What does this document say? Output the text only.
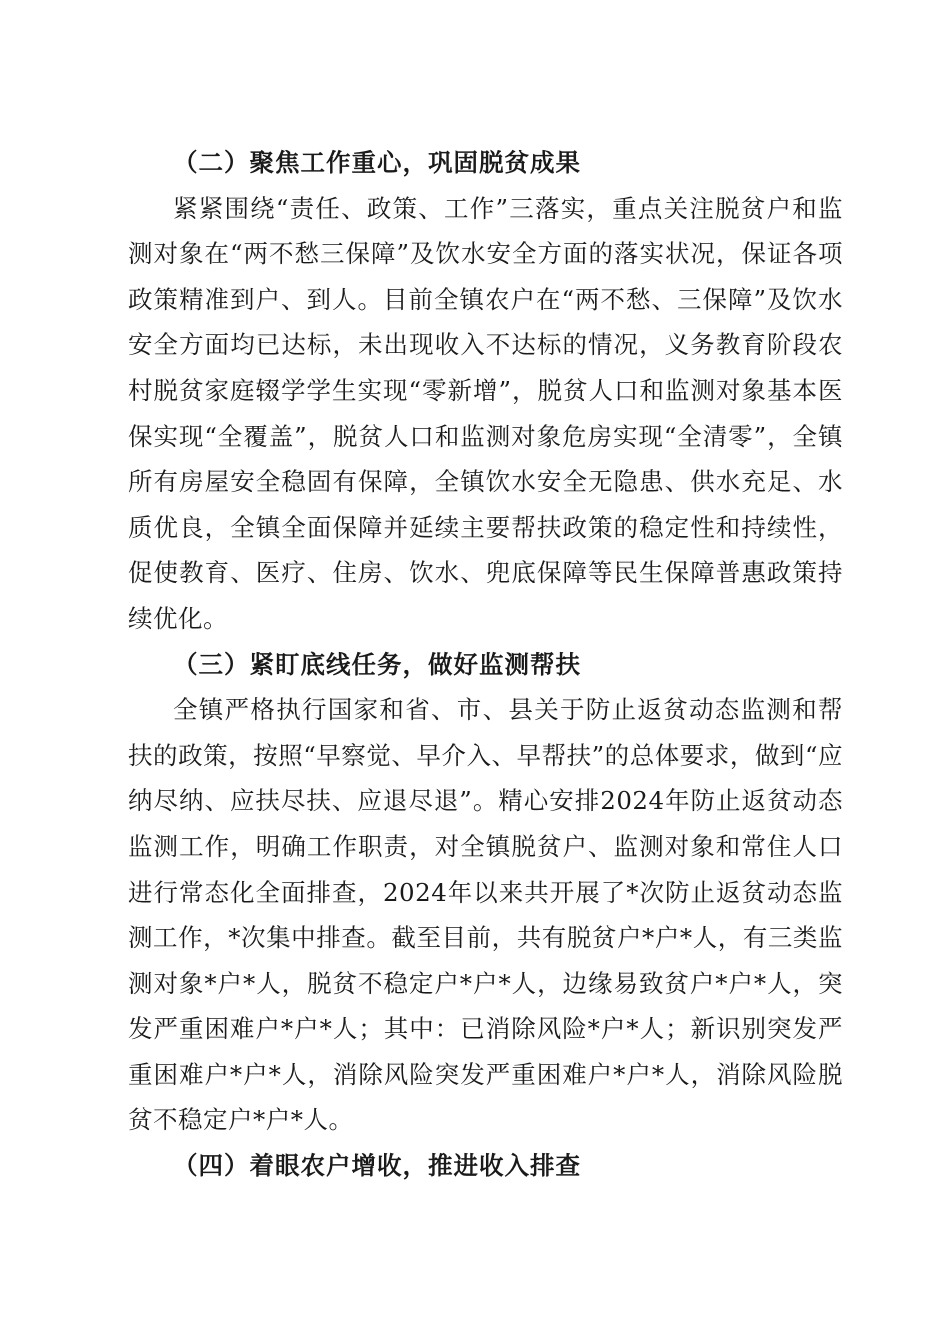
（二）聚焦工作重心，巩固脱贫成果

紧紧围绕“责任、政策、工作”三落实，重点关注脱贫户和监测对象在“两不愁三保障”及饮水安全方面的落实状况，保证各项政策精准到户、到人。目前全镇农户在“两不愁、三保障”及饮水安全方面均已达标，未出现收入不达标的情况，义务教育阶段农村脱贫家庭辍学学生实现“零新增”，脱贫人口和监测对象基本医保实现“全覆盖”，脱贫人口和监测对象危房实现“全清零”，全镇所有房屋安全稳固有保障，全镇饮水安全无隐患、供水充足、水质优良，全镇全面保障并延续主要帮扶政策的稳定性和持续性，促使教育、医疗、住房、饮水、兜底保障等民生保障普惠政策持续优化。

（三）紧盯底线任务，做好监测帮扶

全镇严格执行国家和省、市、县关于防止返贫动态监测和帮扶的政策，按照“早察觉、早介入、早帮扶”的总体要求，做到“应纳尽纳、应扶尽扶、应退尽退”。精心安排2024年防止返贫动态监测工作，明确工作职责，对全镇脱贫户、监测对象和常住人口进行常态化全面排查，2024年以来共开展了*次防止返贫动态监测工作，*次集中排查。截至目前，共有脱贫户*户*人，有三类监测对象*户*人，脱贫不稳定户*户*人，边缘易致贫户*户*人，突发严重困难户*户*人；其中：已消除风险*户*人；新识别突发严重困难户*户*人，消除风险突发严重困难户*户*人，消除风险脱贫不稳定户*户*人。

（四）着眼农户增收，推进收入排查
